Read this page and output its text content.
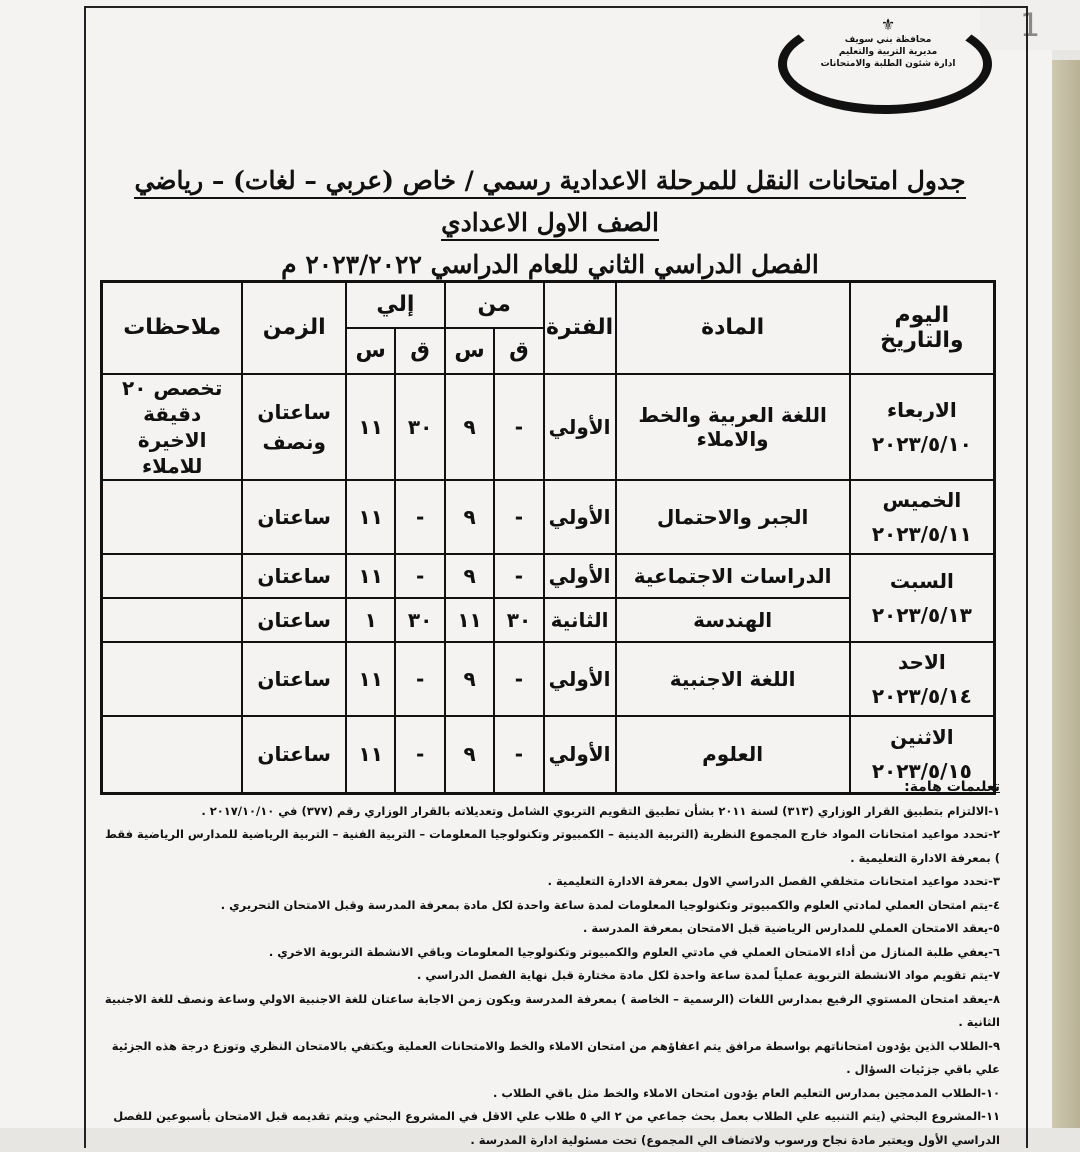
1
⚜
محافظة بني سويف
مديرية التربية والتعليم
ادارة شئون الطلبة والامتحانات
جدول امتحانات النقل للمرحلة الاعدادية رسمي / خاص (عربي – لغات) – رياضي الصف الاول الاعدادي
الفصل الدراسي الثاني للعام الدراسي ٢٠٢٣/٢٠٢٢ م
اليوم والتاريخ	المادة	الفترة	من		إلي		الزمن	ملاحظات
			ق	س	ق	س		

الاربعاء
٢٠٢٣/٥/١٠	اللغة العربية والخط والاملاء	الأولي	-	٩	٣٠	١١	ساعتان ونصف	تخصص ٢٠ دقيقة الاخيرة للاملاء

الخميس
٢٠٢٣/٥/١١	الجبر والاحتمال	الأولي	-	٩	-	١١	ساعتان	

السبت
٢٠٢٣/٥/١٣	الدراسات الاجتماعية	الأولي	-	٩	-	١١	ساعتان	
	الهندسة	الثانية	٣٠	١١	٣٠	١	ساعتان	

الاحد
٢٠٢٣/٥/١٤	اللغة الاجنبية	الأولي	-	٩	-	١١	ساعتان	

الاثنين
٢٠٢٣/٥/١٥	العلوم	الأولي	-	٩	-	١١	ساعتان	
تعليمات هامة:
١-الالتزام بتطبيق القرار الوزاري (٣١٣) لسنة ٢٠١١ بشأن تطبيق التقويم التربوي الشامل وتعديلاته بالقرار الوزاري رقم (٣٧٧) في ٢٠١٧/١٠/١٠ .
٢-تحدد مواعيد امتحانات المواد خارج المجموع النظرية (التربية الدينية – الكمبيوتر وتكنولوجيا المعلومات – التربية الفنية – التربية الرياضية للمدارس الرياضية فقط ) بمعرفة الادارة التعليمية .
٣-تحدد مواعيد امتحانات متخلفي الفصل الدراسي الاول بمعرفة الادارة التعليمية .
٤-يتم امتحان العملي لمادتي العلوم والكمبيوتر وتكنولوجيا المعلومات لمدة ساعة واحدة لكل مادة بمعرفة المدرسة وقبل الامتحان التحريري .
٥-يعقد الامتحان العملي للمدارس الرياضية قبل الامتحان بمعرفة المدرسة .
٦-يعفي طلبة المنازل من أداء الامتحان العملي في مادتي العلوم والكمبيوتر وتكنولوجيا المعلومات وباقي الانشطة التربوية الاخري .
٧-يتم تقويم مواد الانشطة التربوية عملياً لمدة ساعة واحدة لكل مادة مختارة قبل نهاية الفصل الدراسي .
٨-يعقد امتحان المستوي الرفيع بمدارس اللغات (الرسمية – الخاصة ) بمعرفة المدرسة ويكون زمن الاجابة ساعتان للغة الاجنبية الاولي وساعة ونصف للغة الاجنبية الثانية .
٩-الطلاب الذين يؤدون امتحاناتهم بواسطة مرافق يتم اعفاؤهم من امتحان الاملاء والخط والامتحانات العملية ويكتفي بالامتحان النظري وتوزع درجة هذه الجزئية علي باقي جزئيات السؤال .
١٠-الطلاب المدمجين بمدارس التعليم العام يؤدون امتحان الاملاء والخط مثل باقي الطلاب .
١١-المشروع البحثي (يتم التنبيه علي الطلاب بعمل بحث جماعي من ٢ الي ٥ طلاب علي الاقل في المشروع البحثي ويتم تقديمه قبل الامتحان بأسبوعين للفصل الدراسي الأول ويعتبر مادة نجاح ورسوب ولاتضاف الي المجموع) تحت مسئولية ادارة المدرسة .
